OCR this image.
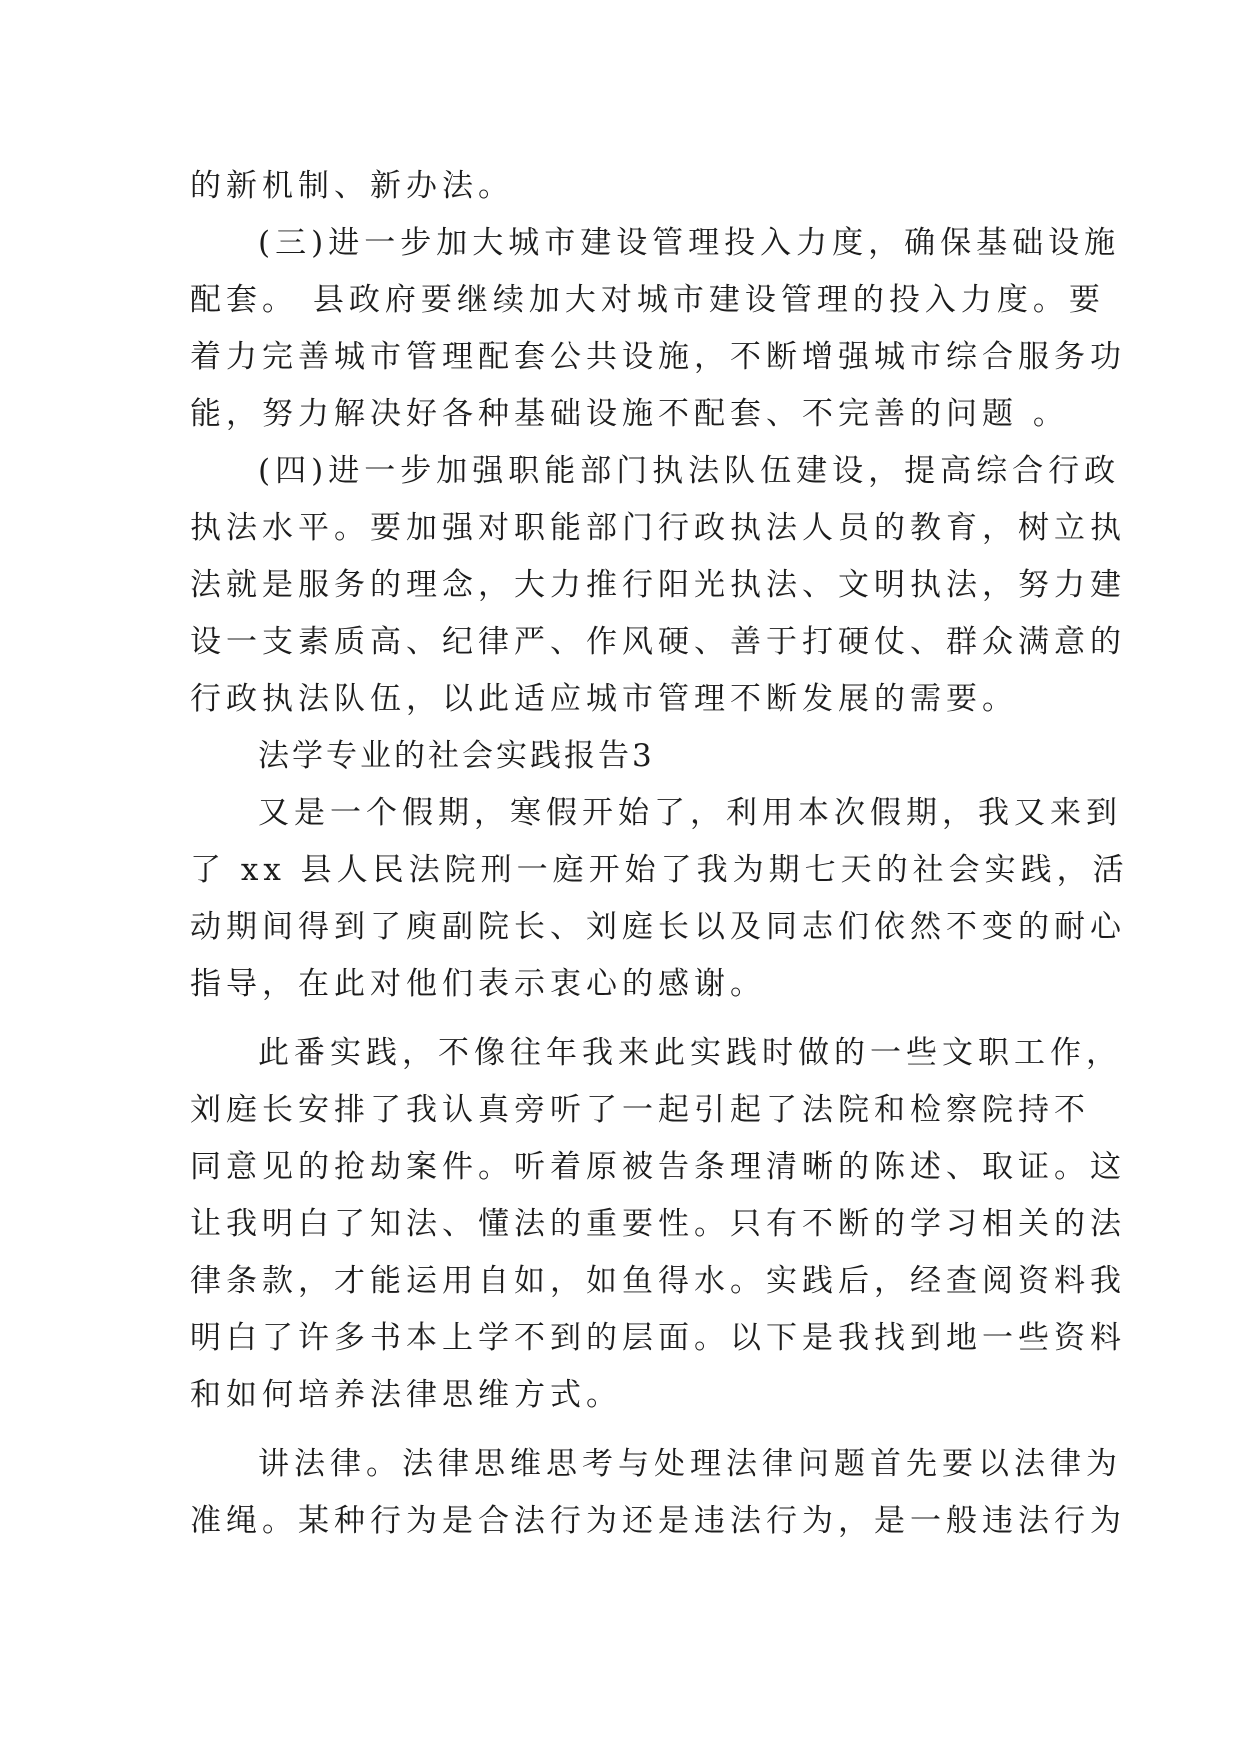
的新机制、新办法。
(三)进一步加大城市建设管理投入力度，确保基础设施
配套。 县政府要继续加大对城市建设管理的投入力度。要
着力完善城市管理配套公共设施，不断增强城市综合服务功
能，努力解决好各种基础设施不配套、不完善的问题 。
(四)进一步加强职能部门执法队伍建设，提高综合行政
执法水平。要加强对职能部门行政执法人员的教育，树立执
法就是服务的理念，大力推行阳光执法、文明执法，努力建
设一支素质高、纪律严、作风硬、善于打硬仗、群众满意的
行政执法队伍，以此适应城市管理不断发展的需要。
法学专业的社会实践报告3
又是一个假期，寒假开始了，利用本次假期，我又来到
了 xx 县人民法院刑一庭开始了我为期七天的社会实践，活
动期间得到了庾副院长、刘庭长以及同志们依然不变的耐心
指导，在此对他们表示衷心的感谢。
此番实践，不像往年我来此实践时做的一些文职工作，
刘庭长安排了我认真旁听了一起引起了法院和检察院持不
同意见的抢劫案件。听着原被告条理清晰的陈述、取证。这
让我明白了知法、懂法的重要性。只有不断的学习相关的法
律条款，才能运用自如，如鱼得水。实践后，经查阅资料我
明白了许多书本上学不到的层面。以下是我找到地一些资料
和如何培养法律思维方式。
讲法律。法律思维思考与处理法律问题首先要以法律为
准绳。某种行为是合法行为还是违法行为，是一般违法行为
